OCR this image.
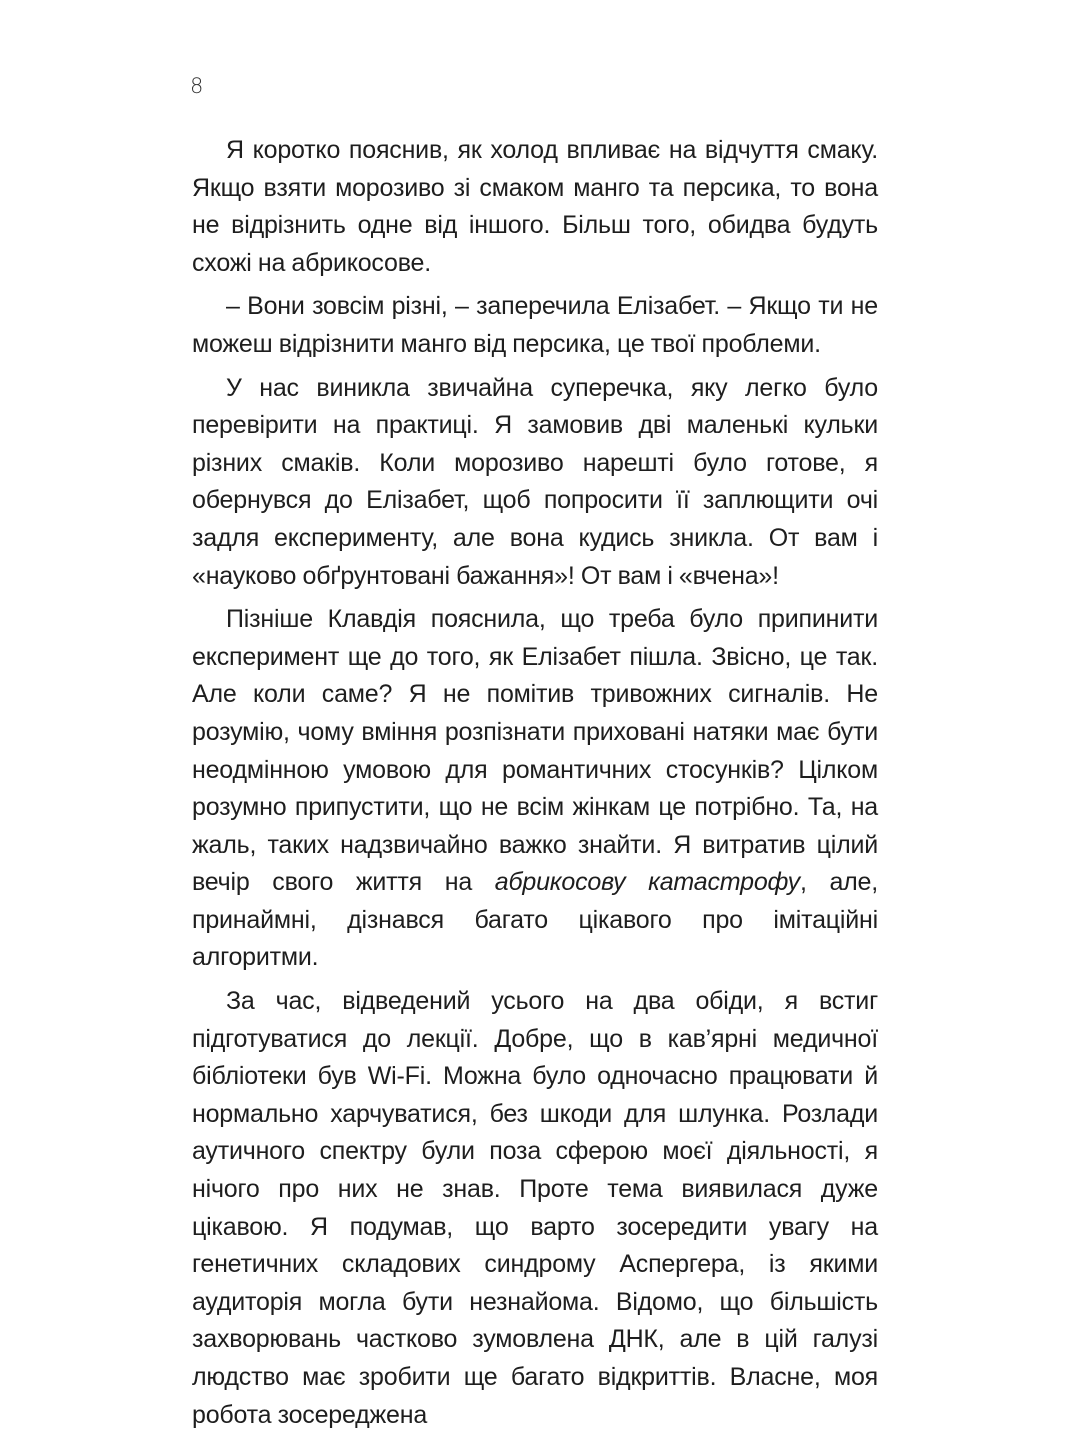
8

Я коротко пояснив, як холод впливає на відчуття смаку. Якщо взяти морозиво зі смаком манго та персика, то вона не відрізнить одне від іншого. Більш того, обидва будуть схожі на абрикосове.

– Вони зовсім різні, – заперечила Елізабет. – Якщо ти не можеш відрізнити манго від персика, це твої проблеми.

У нас виникла звичайна суперечка, яку легко було перевірити на практиці. Я замовив дві маленькі кульки різних смаків. Коли морозиво нарешті було готове, я обернувся до Елізабет, щоб попросити її заплющити очі задля експерименту, але вона кудись зникла. От вам і «науково обґрунтовані бажання»! От вам і «вчена»!

Пізніше Клавдія пояснила, що треба було припинити експеримент ще до того, як Елізабет пішла. Звісно, це так. Але коли саме? Я не помітив тривожних сигналів. Не розумію, чому вміння розпізнати приховані натяки має бути неодмінною умовою для романтичних стосунків? Цілком розумно припустити, що не всім жінкам це потрібно. Та, на жаль, таких надзвичайно важко знайти. Я витратив цілий вечір свого життя на абрикосову катастрофу, але, принаймні, дізнався багато цікавого про імітаційні алгоритми.

За час, відведений усього на два обіди, я встиг підготуватися до лекції. Добре, що в кав’ярні медичної бібліотеки був Wi-Fi. Можна було одночасно працювати й нормально харчуватися, без шкоди для шлунка. Розлади аутичного спектру були поза сферою моєї діяльності, я нічого про них не знав. Проте тема виявилася дуже цікавою. Я подумав, що варто зосередити увагу на генетичних складових синдрому Аспергера, із якими аудиторія могла бути незнайома. Відомо, що більшість захворювань частково зумовлена ДНК, але в цій галузі людство має зробити ще багато відкриттів. Власне, моя робота зосереджена
